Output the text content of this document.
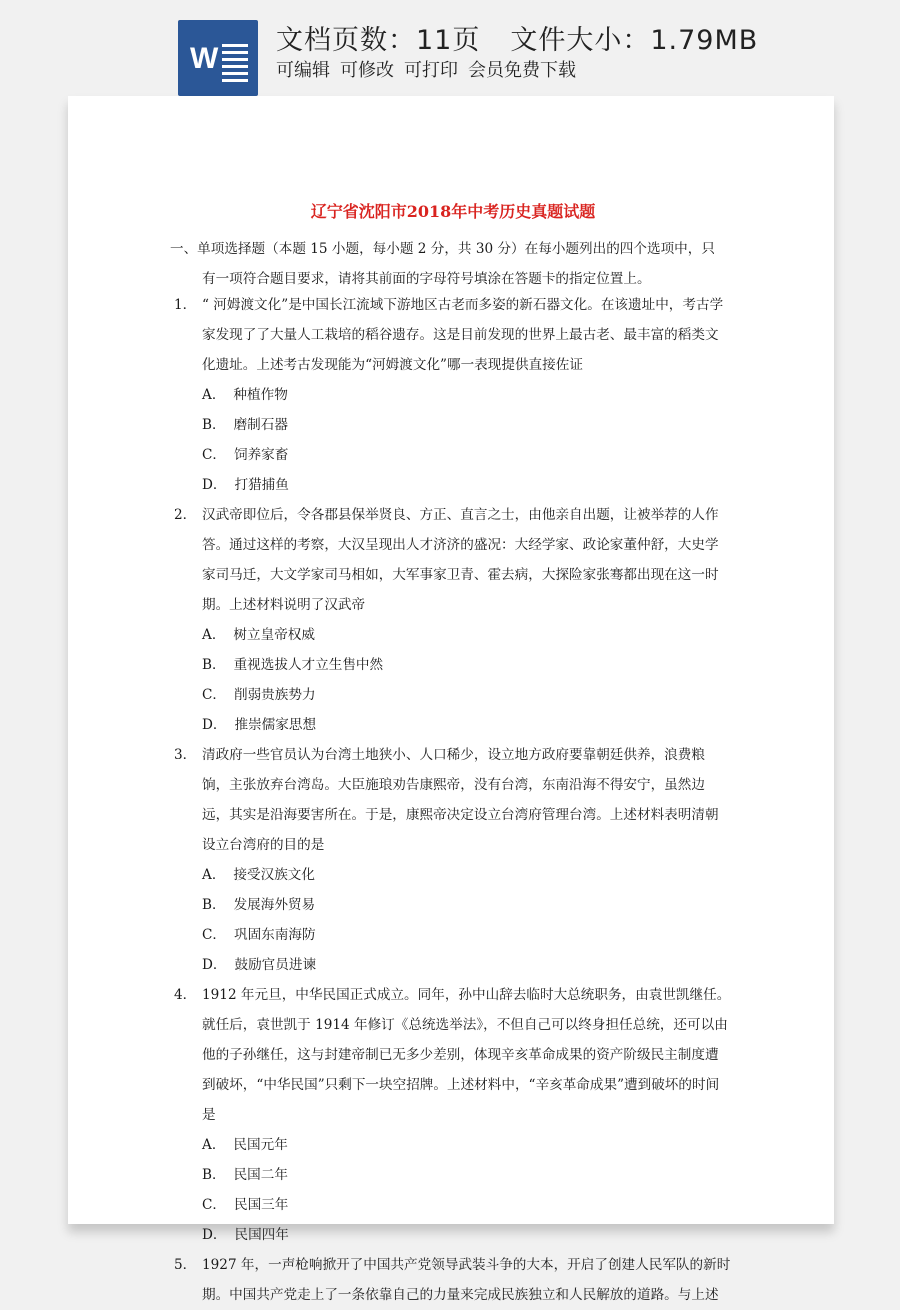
W
文档页数：11页 文件大小：1.79MB
可编辑 可修改 可打印 会员免费下载
辽宁省沈阳市2018年中考历史真题试题
一、单项选择题（本题 15 小题，每小题 2 分，共 30 分）在每小题列出的四个选项中，只
有一项符合题目要求，请将其前面的字母符号填涂在答题卡的指定位置上。
1． “ 河姆渡文化”是中国长江流域下游地区古老而多姿的新石器文化。在该遗址中，考古学家发现了了大量人工栽培的稻谷遗存。这是目前发现的世界上最古老、最丰富的稻类文化遗址。上述考古发现能为“河姆渡文化”哪一表现提供直接佐证
A． 种植作物
B． 磨制石器
C． 饲养家畜
D． 打猎捕鱼
2． 汉武帝即位后，令各郡县保举贤良、方正、直言之士，由他亲自出题，让被举荐的人作答。通过这样的考察，大汉呈现出人才济济的盛况：大经学家、政论家董仲舒，大史学家司马迁，大文学家司马相如，大军事家卫青、霍去病，大探险家张骞都出现在这一时期。上述材料说明了汉武帝
A． 树立皇帝权威
B． 重视选拔人才立生售中然
C． 削弱贵族势力
D． 推崇儒家思想
3． 清政府一些官员认为台湾土地狭小、人口稀少，设立地方政府要靠朝廷供养，浪费粮饷，主张放弃台湾岛。大臣施琅劝告康熙帝，没有台湾，东南沿海不得安宁，虽然边远，其实是沿海要害所在。于是，康熙帝决定设立台湾府管理台湾。上述材料表明清朝设立台湾府的目的是
A． 接受汉族文化
B． 发展海外贸易
C． 巩固东南海防
D． 鼓励官员进谏
4． 1912 年元旦，中华民国正式成立。同年，孙中山辞去临时大总统职务，由袁世凯继任。就任后，袁世凯于 1914 年修订《总统选举法》，不但自己可以终身担任总统，还可以由他的子孙继任，这与封建帝制已无多少差别，体现辛亥革命成果的资产阶级民主制度遭到破坏，“中华民国”只剩下一块空招牌。上述材料中，“辛亥革命成果”遭到破坏的时间是
A． 民国元年
B． 民国二年
C． 民国三年
D． 民国四年
5． 1927 年，一声枪响掀开了中国共产党领导武装斗争的大本，开启了创建人民军队的新时期。中国共产党走上了一条依靠自己的力量来完成民族独立和人民解放的道路。与上述
